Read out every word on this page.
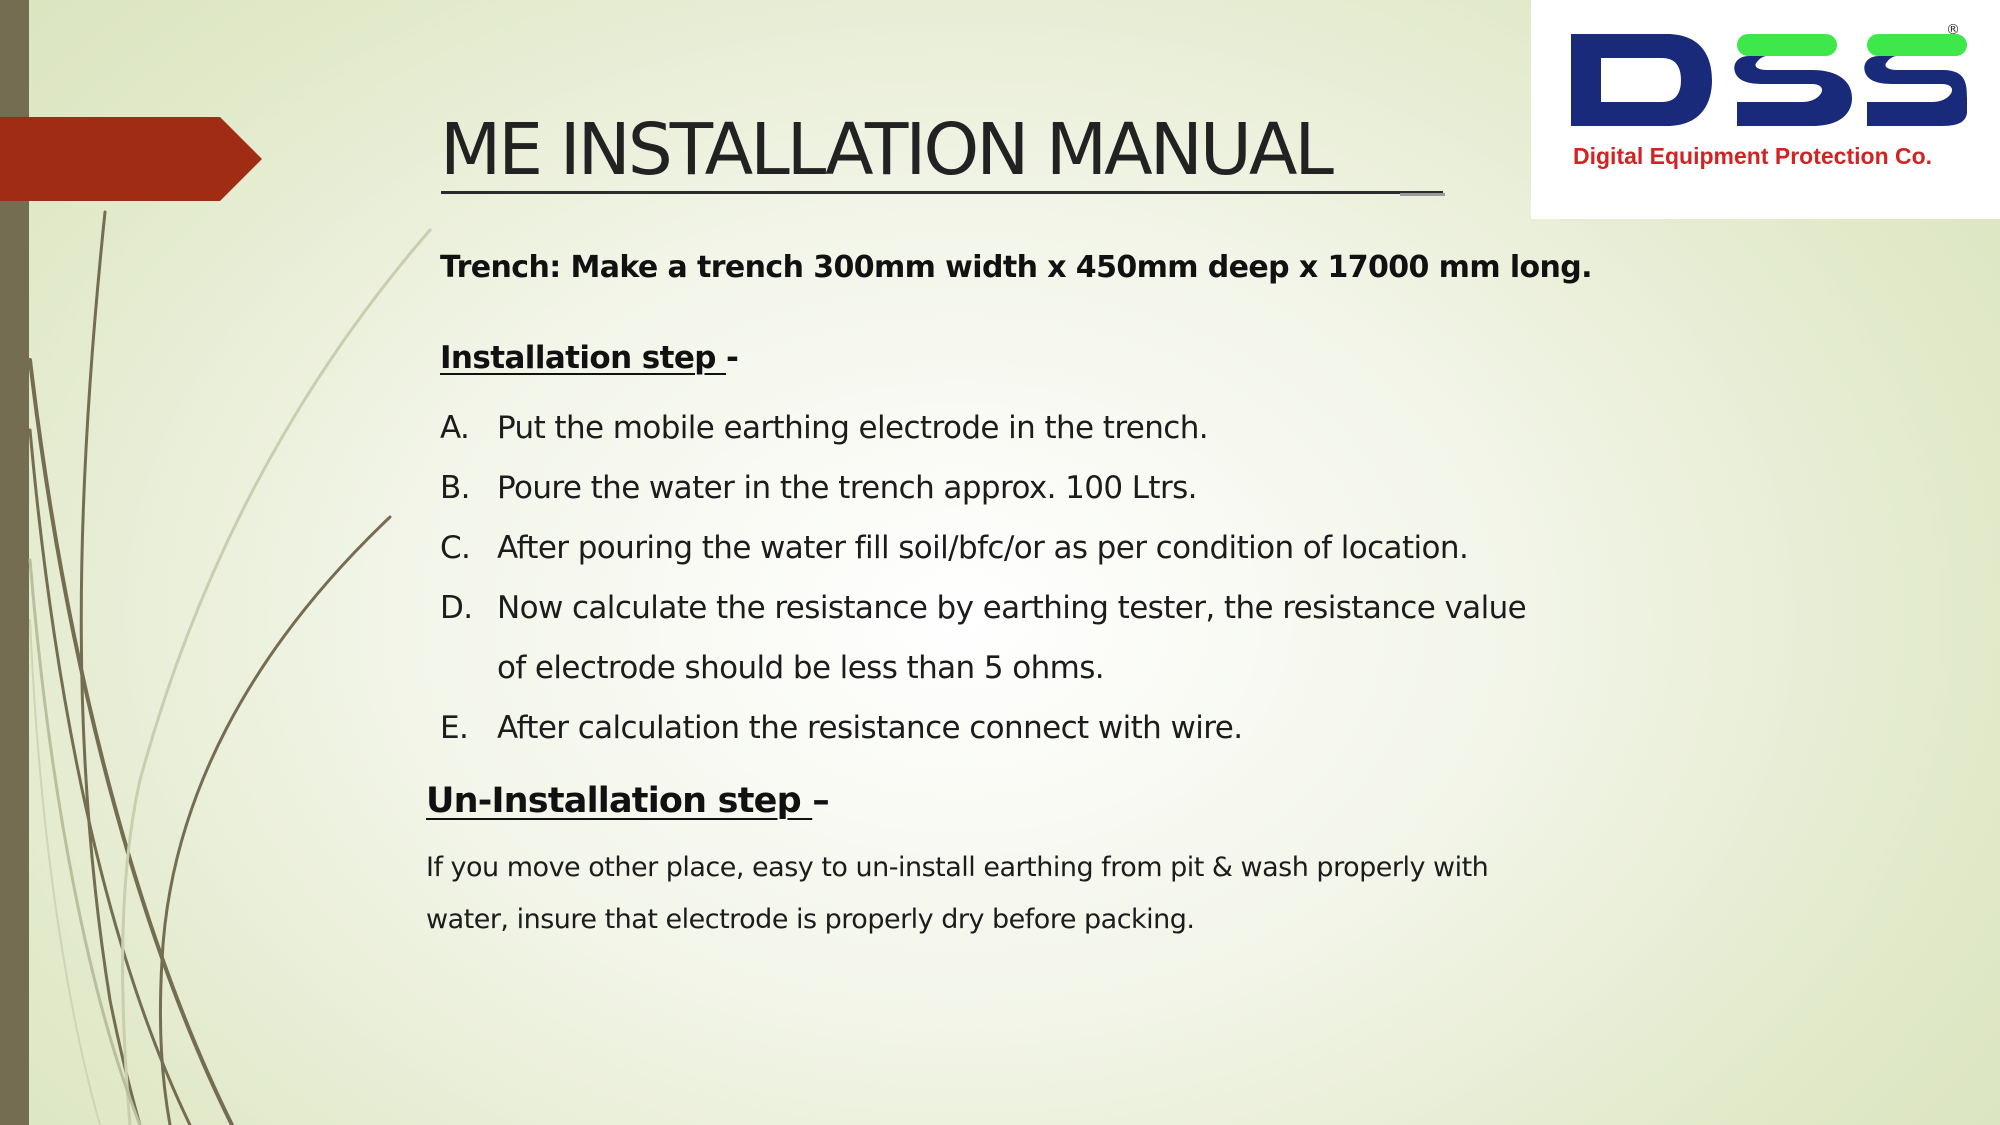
®
Digital Equipment Protection Co.
ME INSTALLATION MANUAL
Trench: Make a trench 300mm width x 450mm deep x 17000 mm long.
Installation step -
A. Put the mobile earthing electrode in the trench.
B. Poure the water in the trench approx. 100 Ltrs.
C. After pouring the water fill soil/bfc/or as per condition of location.
D. Now calculate the resistance by earthing tester, the resistance value of electrode should be less than 5 ohms.
E. After calculation the resistance connect with wire.
Un-Installation step –

If you move other place, easy to un-install earthing from pit & wash properly with water, insure that electrode is properly dry before packing.
